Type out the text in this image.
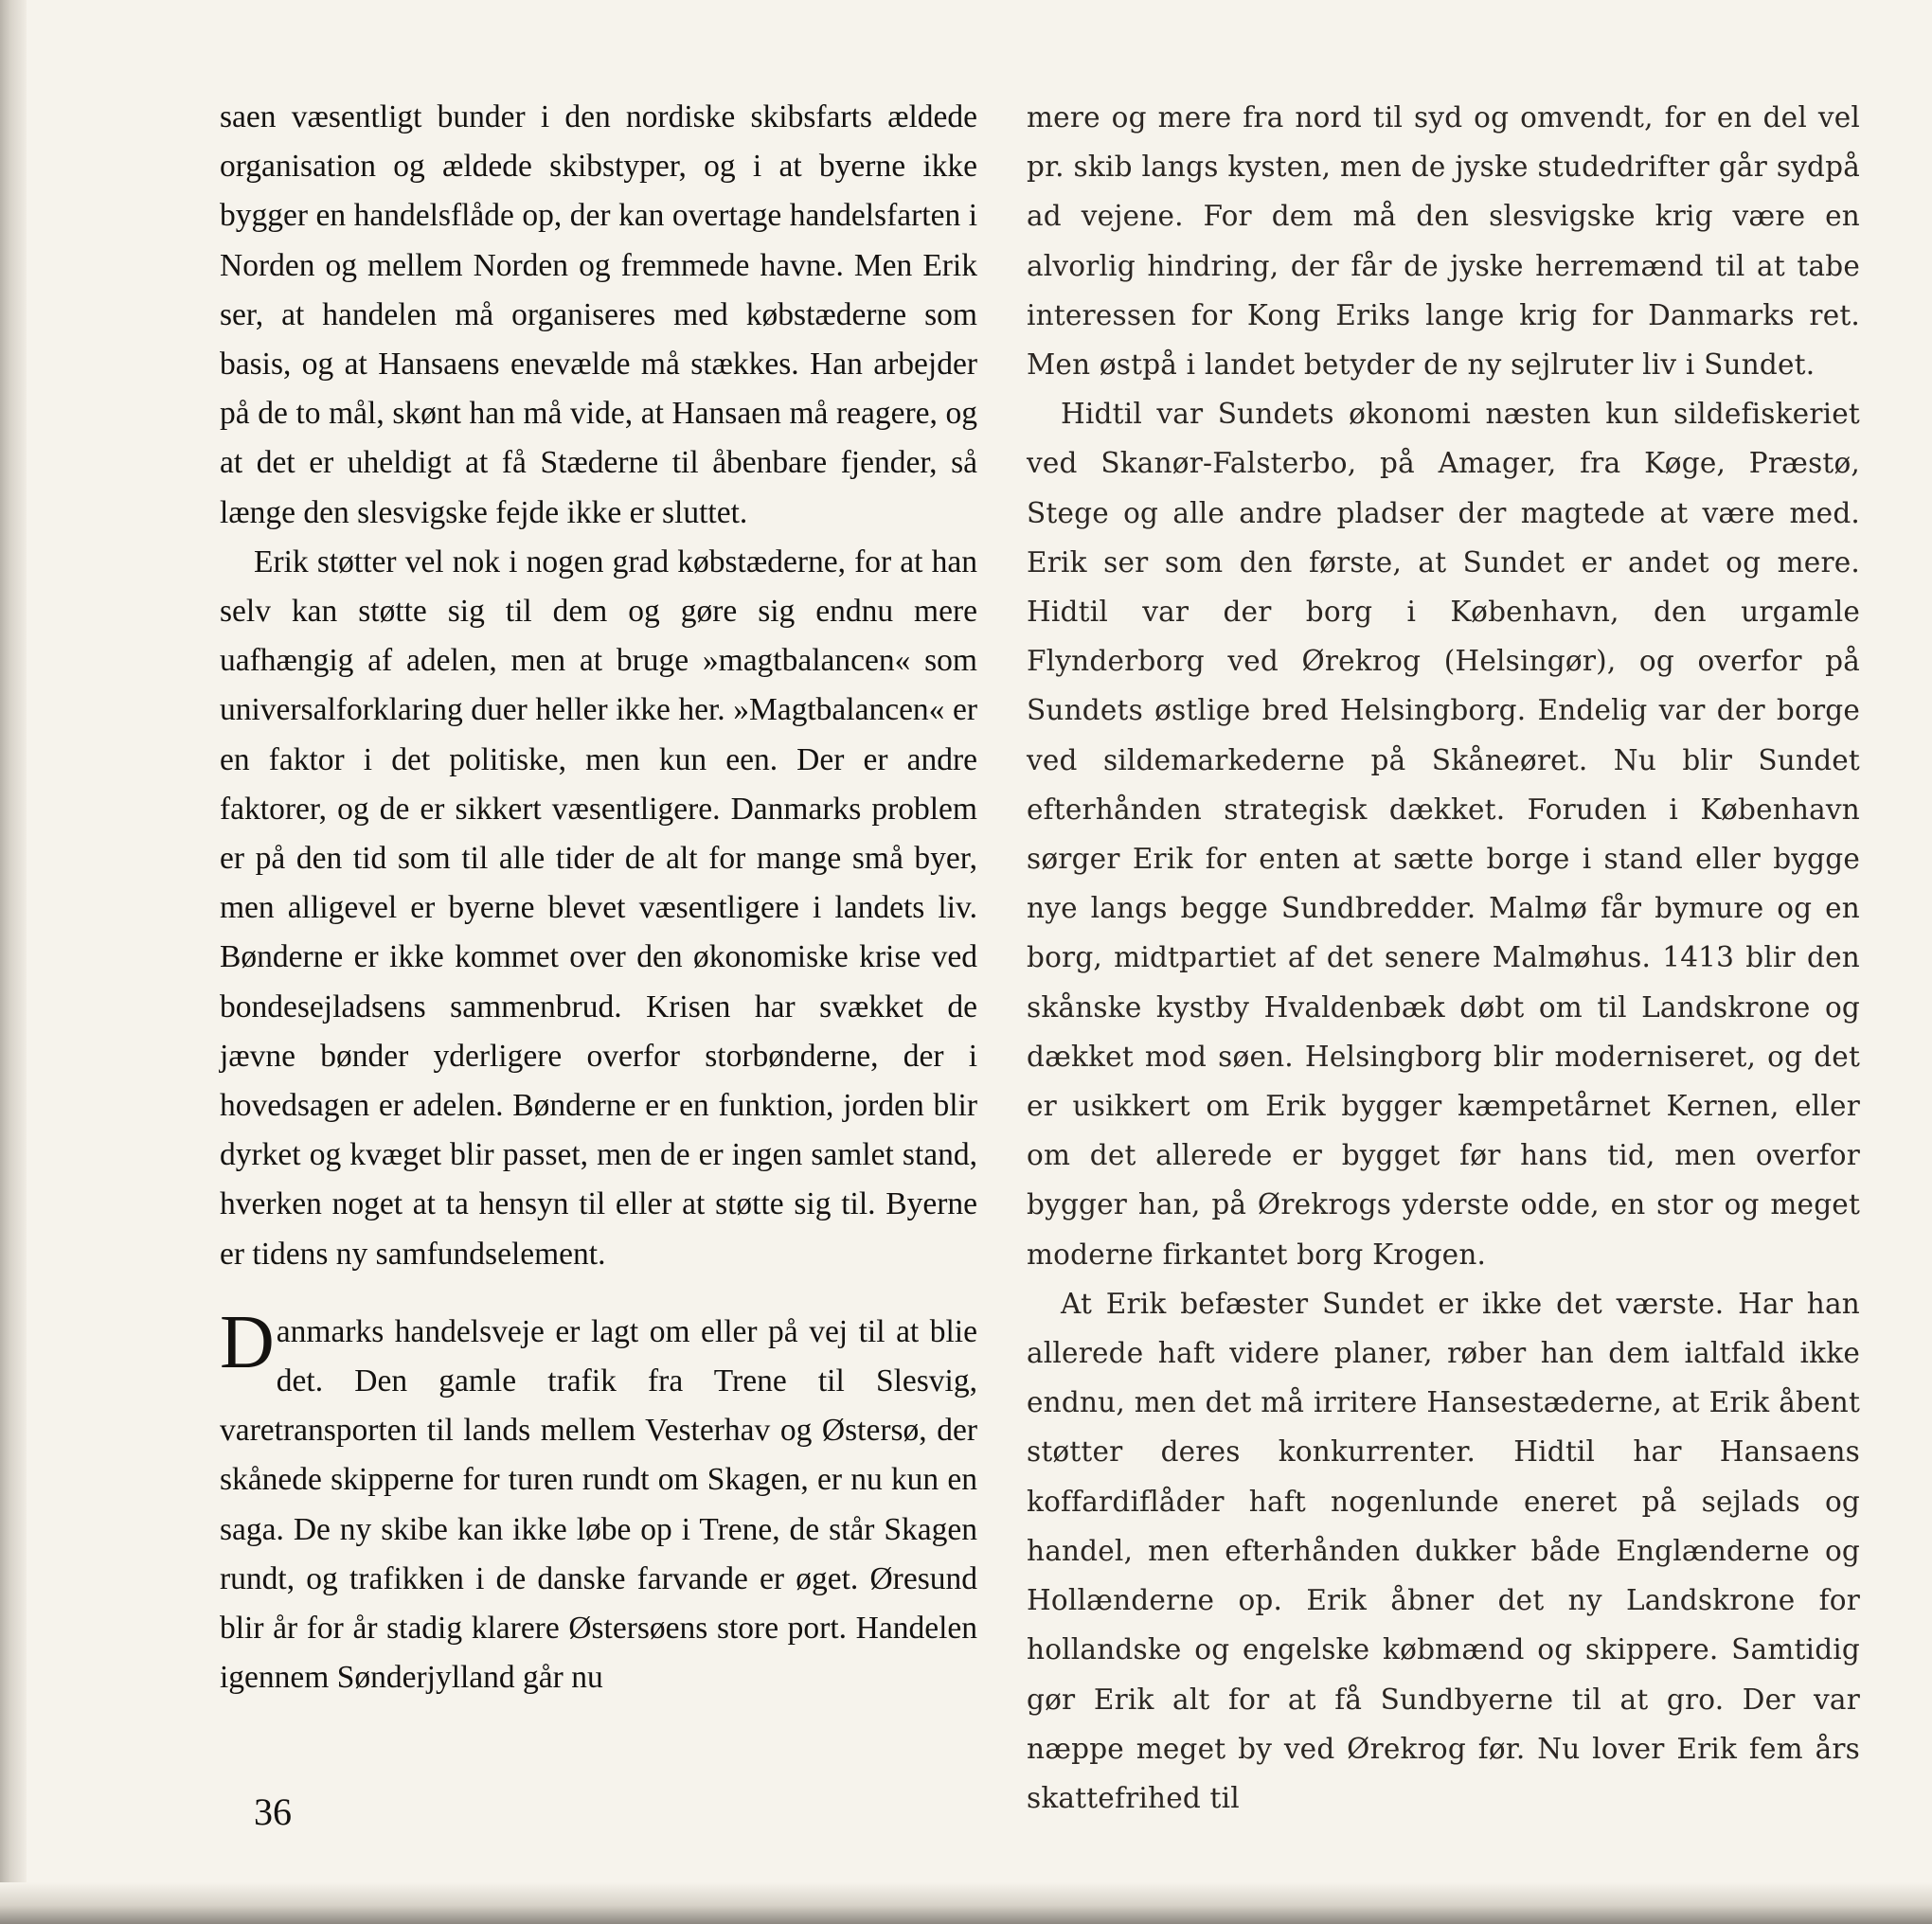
saen væsentligt bunder i den nordiske skibsfarts ældede organisation og ældede skibstyper, og i at byerne ikke bygger en handelsflåde op, der kan overtage handelsfarten i Norden og mellem Norden og fremmede havne. Men Erik ser, at handelen må organiseres med købstæderne som basis, og at Hansaens enevælde må stækkes. Han arbejder på de to mål, skønt han må vide, at Hansaen må reagere, og at det er uheldigt at få Stæderne til åbenbare fjender, så længe den slesvigske fejde ikke er sluttet.

Erik støtter vel nok i nogen grad købstæderne, for at han selv kan støtte sig til dem og gøre sig endnu mere uafhængig af adelen, men at bruge »magtbalancen« som universalforklaring duer heller ikke her. »Magtbalancen« er en faktor i det politiske, men kun een. Der er andre faktorer, og de er sikkert væsentligere. Danmarks problem er på den tid som til alle tider de alt for mange små byer, men alligevel er byerne blevet væsentligere i landets liv. Bønderne er ikke kommet over den økonomiske krise ved bondesejladsens sammenbrud. Krisen har svækket de jævne bønder yderligere overfor storbønderne, der i hovedsagen er adelen. Bønderne er en funktion, jorden blir dyrket og kvæget blir passet, men de er ingen samlet stand, hverken noget at ta hensyn til eller at støtte sig til. Byerne er tidens ny samfundselement.

Danmarks handelsveje er lagt om eller på vej til at blie det. Den gamle trafik fra Trene til Slesvig, varetransporten til lands mellem Vesterhav og Østersø, der skånede skipperne for turen rundt om Skagen, er nu kun en saga. De ny skibe kan ikke løbe op i Trene, de står Skagen rundt, og trafikken i de danske farvande er øget. Øresund blir år for år stadig klarere Østersøens store port. Handelen igennem Sønderjylland går nu

mere og mere fra nord til syd og omvendt, for en del vel pr. skib langs kysten, men de jyske studedrifter går sydpå ad vejene. For dem må den slesvigske krig være en alvorlig hindring, der får de jyske herremænd til at tabe interessen for Kong Eriks lange krig for Danmarks ret. Men østpå i landet betyder de ny sejlruter liv i Sundet.

Hidtil var Sundets økonomi næsten kun sildefiskeriet ved Skanør-Falsterbo, på Amager, fra Køge, Præstø, Stege og alle andre pladser der magtede at være med. Erik ser som den første, at Sundet er andet og mere. Hidtil var der borg i København, den urgamle Flynderborg ved Ørekrog (Helsingør), og overfor på Sundets østlige bred Helsingborg. Endelig var der borge ved sildemarkederne på Skåneøret. Nu blir Sundet efterhånden strategisk dækket. Foruden i København sørger Erik for enten at sætte borge i stand eller bygge nye langs begge Sundbredder. Malmø får bymure og en borg, midtpartiet af det senere Malmøhus. 1413 blir den skånske kystby Hvaldenbæk døbt om til Landskrone og dækket mod søen. Helsingborg blir moderniseret, og det er usikkert om Erik bygger kæmpetårnet Kernen, eller om det allerede er bygget før hans tid, men overfor bygger han, på Ørekrogs yderste odde, en stor og meget moderne firkantet borg Krogen.

At Erik befæster Sundet er ikke det værste. Har han allerede haft videre planer, røber han dem ialtfald ikke endnu, men det må irritere Hansestæderne, at Erik åbent støtter deres konkurrenter. Hidtil har Hansaens koffardiflåder haft nogenlunde eneret på sejlads og handel, men efterhånden dukker både Englænderne og Hollænderne op. Erik åbner det ny Landskrone for hollandske og engelske købmænd og skippere. Samtidig gør Erik alt for at få Sundbyerne til at gro. Der var næppe meget by ved Ørekrog før. Nu lover Erik fem års skattefrihed til

36
